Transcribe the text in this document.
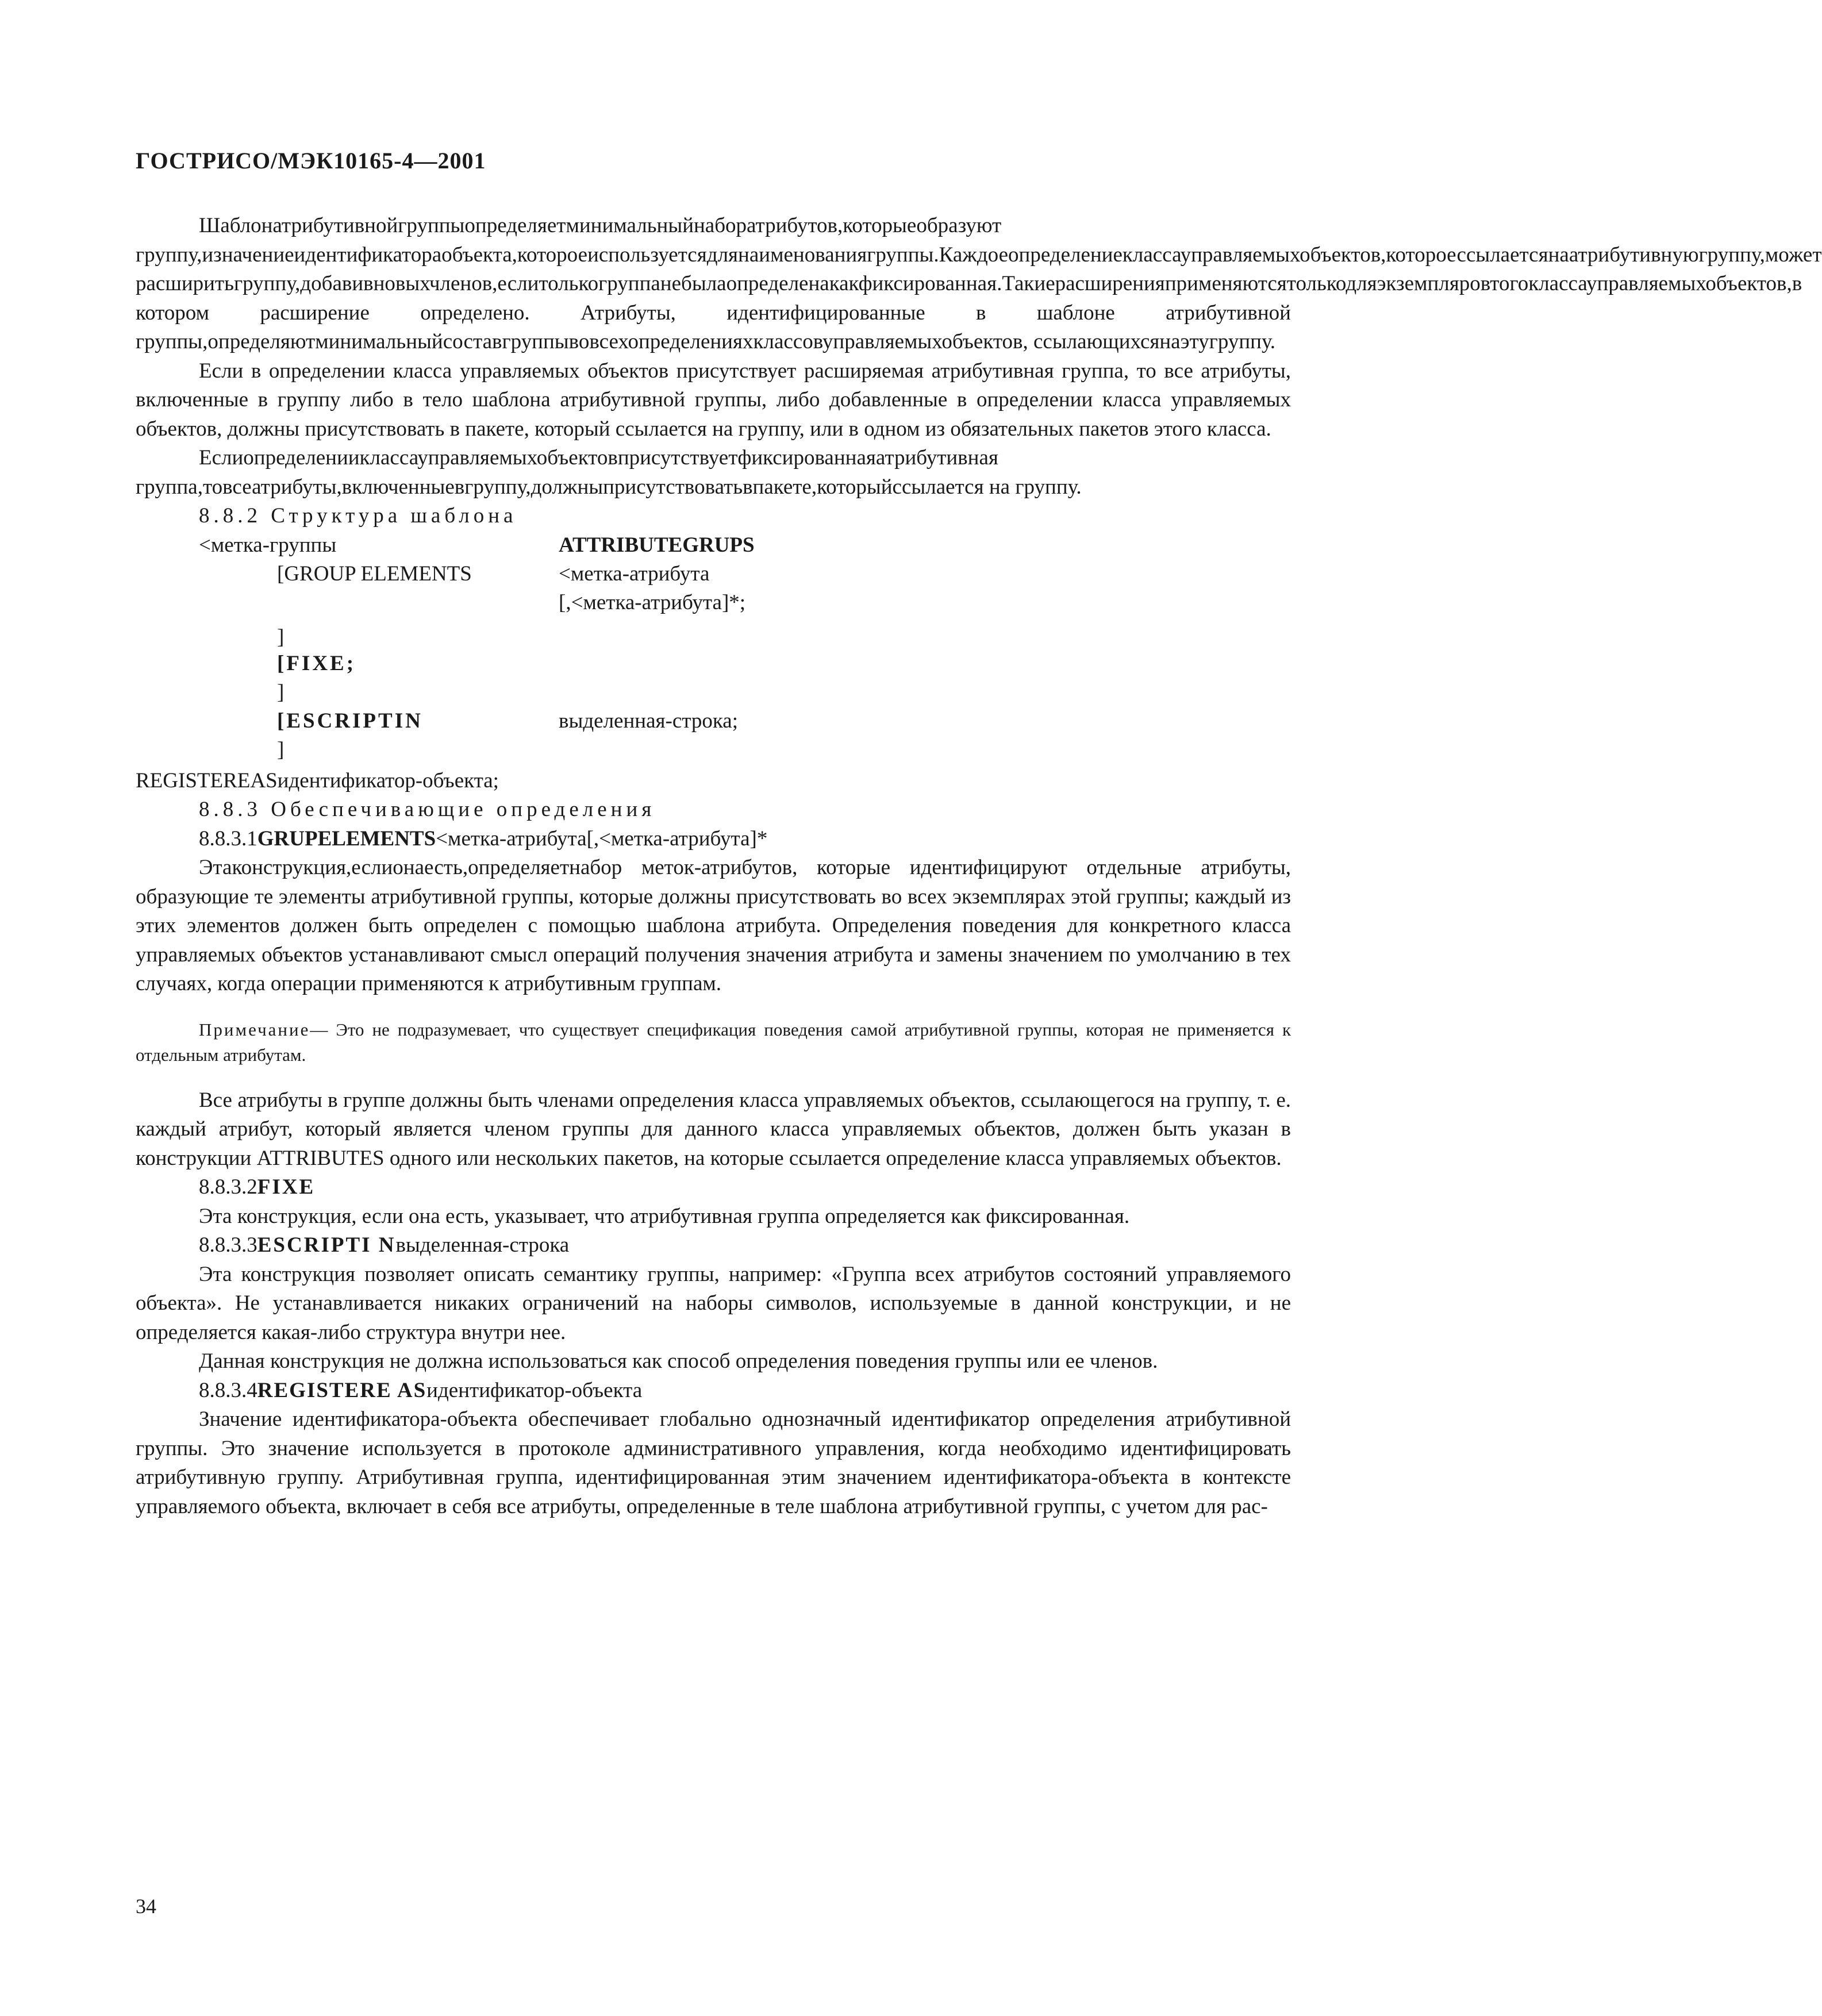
ГОСТРИСО/МЭК10165-4—2001

Шаблонатрибутивнойгруппыопределяетминимальныйнаборатрибутов,которыеобразуют группу,изначениеидентификатораобъекта,котороеиспользуетсядлянаименованиягруппы.Каждоеопределениеклассауправляемыхобъектов,котороессылаетсянаатрибутивнуюгруппу,может расширитьгруппу,добавивновыхчленов,еслитолькогруппанебылаопределенакакфиксированная.Такиерасширенияприменяютсятолькодляэкземпляровтогоклассауправляемыхобъектов,в котором расширение определено. Атрибуты, идентифицированные в шаблоне атрибутивной группы,определяютминимальныйсоставгруппывовсехопределенияхклассовуправляемыхобъектов, ссылающихсянаэтугруппу.

Если в определении класса управляемых объектов присутствует расширяемая атрибутивная группа, то все атрибуты, включенные в группу либо в тело шаблона атрибутивной группы, либо добавленные в определении класса управляемых объектов, должны присутствовать в пакете, который ссылается на группу, или в одном из обязательных пакетов этого класса.

Еслиопределенииклассауправляемыхобъектовприсутствуетфиксированнаяатрибутивная группа,товсеатрибуты,включенныевгруппу,должныприсутствоватьвпакете,которыйссылается на группу.

8.8.2 Структура шаблона
<метка-группы	ATTRIBUTEGRUPS
[GROUP ELEMENTS	<метка-атрибута
[,<метка-атрибута]*;
]
[FIXE;
]
[ESCRIPTIN	выделенная-строка;
]
REGISTEREASидентификатор-объекта;
8.8.3 Обеспечивающие определения
8.8.3.1GRUPELEMENTS<метка-атрибута[,<метка-атрибута]*

Этаконструкция,еслионаесть,определяетнабор меток-атрибутов, которые идентифицируют отдельные атрибуты, образующие те элементы атрибутивной группы, которые должны присутствовать во всех экземплярах этой группы; каждый из этих элементов должен быть определен с помощью шаблона атрибута. Определения поведения для конкретного класса управляемых объектов устанавливают смысл операций получения значения атрибута и замены значением по умолчанию в тех случаях, когда операции применяются к атрибутивным группам.

Примечание— Это не подразумевает, что существует спецификация поведения самой атрибутивной группы, которая не применяется к отдельным атрибутам.

Все атрибуты в группе должны быть членами определения класса управляемых объектов, ссылающегося на группу, т. е. каждый атрибут, который является членом группы для данного класса управляемых объектов, должен быть указан в конструкции ATTRIBUTES одного или нескольких пакетов, на которые ссылается определение класса управляемых объектов.

8.8.3.2FIXE

Эта конструкция, если она есть, указывает, что атрибутивная группа определяется как фиксированная.

8.8.3.3ESCRIPTI Nвыделенная-строка

Эта конструкция позволяет описать семантику группы, например: «Группа всех атрибутов состояний управляемого объекта». Не устанавливается никаких ограничений на наборы символов, используемые в данной конструкции, и не определяется какая-либо структура внутри нее.

Данная конструкция не должна использоваться как способ определения поведения группы или ее членов.

8.8.3.4REGISTERE ASидентификатор-объекта

Значение идентификатора-объекта обеспечивает глобально однозначный идентификатор определения атрибутивной группы. Это значение используется в протоколе административного управления, когда необходимо идентифицировать атрибутивную группу. Атрибутивная группа, идентифицированная этим значением идентификатора-объекта в контексте управляемого объекта, включает в себя все атрибуты, определенные в теле шаблона атрибутивной группы, с учетом для рас-

34
